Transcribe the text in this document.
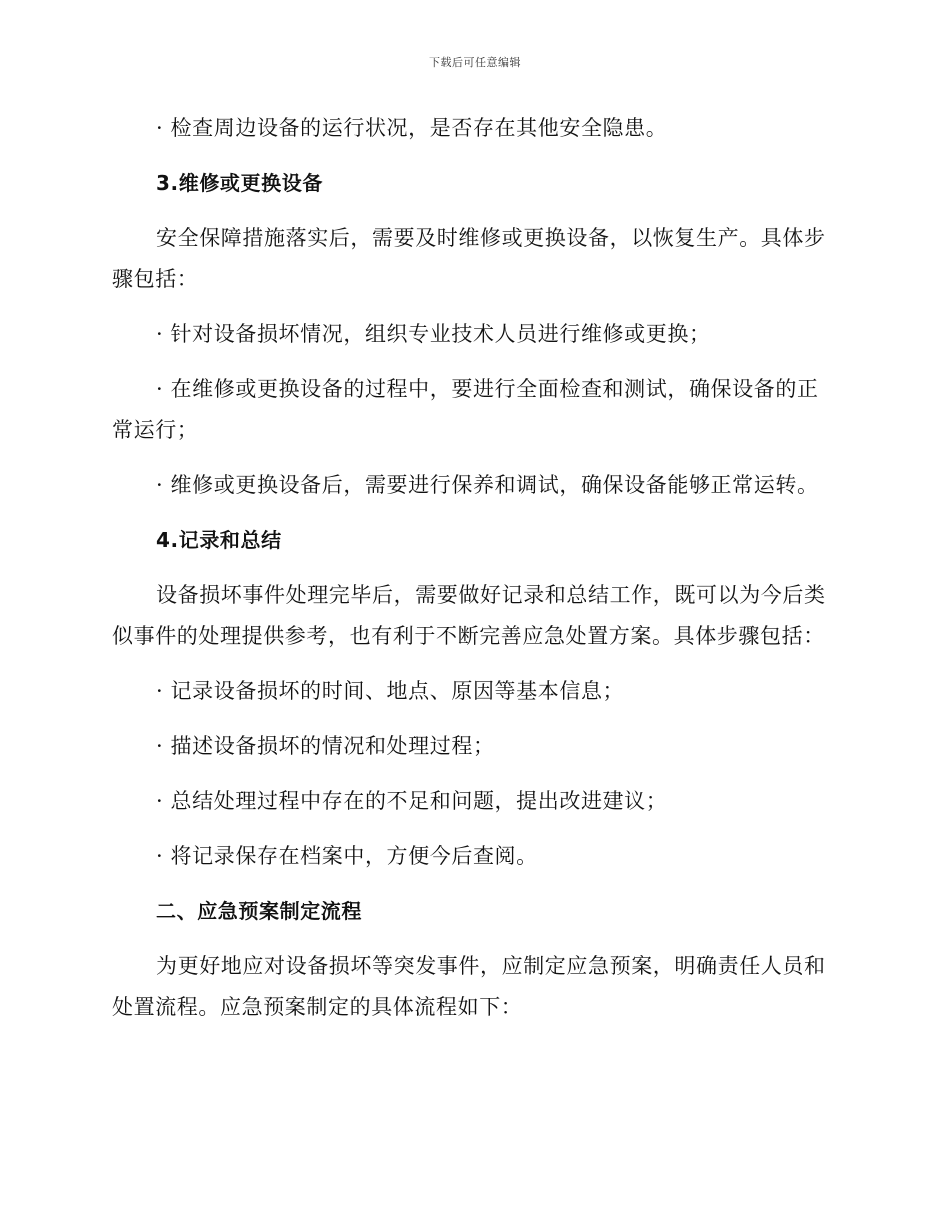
下载后可任意编辑
· 检查周边设备的运行状况，是否存在其他安全隐患。
3.维修或更换设备
安全保障措施落实后，需要及时维修或更换设备，以恢复生产。具体步骤包括：
· 针对设备损坏情况，组织专业技术人员进行维修或更换；
· 在维修或更换设备的过程中，要进行全面检查和测试，确保设备的正常运行；
· 维修或更换设备后，需要进行保养和调试，确保设备能够正常运转。
4.记录和总结
设备损坏事件处理完毕后，需要做好记录和总结工作，既可以为今后类似事件的处理提供参考，也有利于不断完善应急处置方案。具体步骤包括：
· 记录设备损坏的时间、地点、原因等基本信息；
· 描述设备损坏的情况和处理过程；
· 总结处理过程中存在的不足和问题，提出改进建议；
· 将记录保存在档案中，方便今后查阅。
二、应急预案制定流程
为更好地应对设备损坏等突发事件，应制定应急预案，明确责任人员和处置流程。应急预案制定的具体流程如下：
